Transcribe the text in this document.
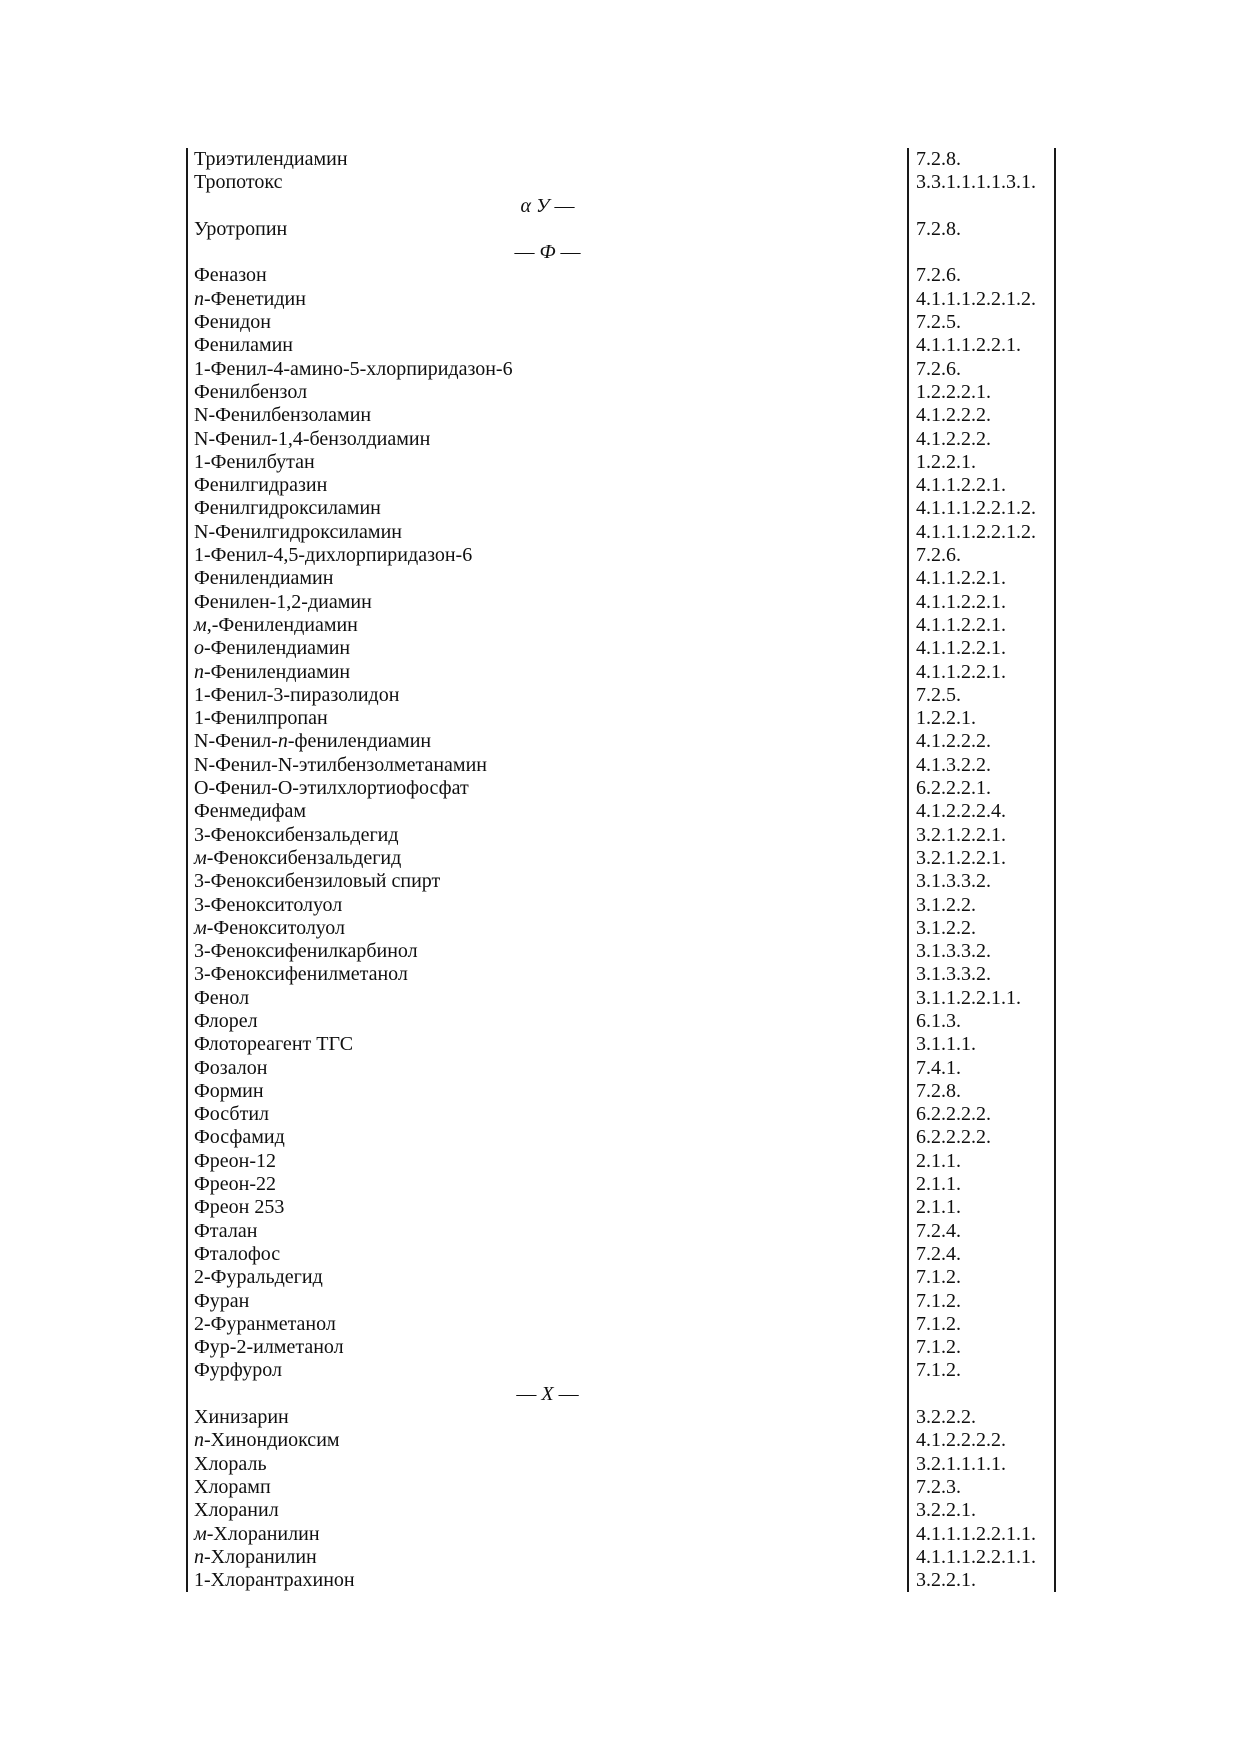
Триэтилендиамин	7.2.8.
Тропотокс	3.3.1.1.1.1.3.1.
α У —
Уротропин	7.2.8.
— Ф —
Феназон	7.2.6.
п-Фенетидин	4.1.1.1.2.2.1.2.
Фенидон	7.2.5.
Фениламин	4.1.1.1.2.2.1.
1-Фенил-4-амино-5-хлорпиридазон-6	7.2.6.
Фенилбензол	1.2.2.2.1.
N-Фенилбензоламин	4.1.2.2.2.
N-Фенил-1,4-бензолдиамин	4.1.2.2.2.
1-Фенилбутан	1.2.2.1.
Фенилгидразин	4.1.1.2.2.1.
Фенилгидроксиламин	4.1.1.1.2.2.1.2.
N-Фенилгидроксиламин	4.1.1.1.2.2.1.2.
1-Фенил-4,5-дихлорпиридазон-6	7.2.6.
Фенилендиамин	4.1.1.2.2.1.
Фенилен-1,2-диамин	4.1.1.2.2.1.
м,-Фенилендиамин	4.1.1.2.2.1.
о-Фенилендиамин	4.1.1.2.2.1.
п-Фенилендиамин	4.1.1.2.2.1.
1-Фенил-3-пиразолидон	7.2.5.
1-Фенилпропан	1.2.2.1.
N-Фенил-п-фенилендиамин	4.1.2.2.2.
N-Фенил-N-этилбензолметанамин	4.1.3.2.2.
О-Фенил-О-этилхлортиофосфат	6.2.2.2.1.
Фенмедифам	4.1.2.2.2.4.
3-Феноксибензальдегид	3.2.1.2.2.1.
м-Феноксибензальдегид	3.2.1.2.2.1.
3-Феноксибензиловый спирт	3.1.3.3.2.
3-Фенокситолуол	3.1.2.2.
м-Фенокситолуол	3.1.2.2.
3-Феноксифенилкарбинол	3.1.3.3.2.
3-Феноксифенилметанол	3.1.3.3.2.
Фенол	3.1.1.2.2.1.1.
Флорел	6.1.3.
Флотореагент ТГС	3.1.1.1.
Фозалон	7.4.1.
Формин	7.2.8.
Фосбтил	6.2.2.2.2.
Фосфамид	6.2.2.2.2.
Фреон-12	2.1.1.
Фреон-22	2.1.1.
Фреон 253	2.1.1.
Фталан	7.2.4.
Фталофос	7.2.4.
2-Фуральдегид	7.1.2.
Фуран	7.1.2.
2-Фуранметанол	7.1.2.
Фур-2-илметанол	7.1.2.
Фурфурол	7.1.2.
— Х —
Хинизарин	3.2.2.2.
п-Хинондиоксим	4.1.2.2.2.2.
Хлораль	3.2.1.1.1.1.
Хлорамп	7.2.3.
Хлоранил	3.2.2.1.
м-Хлоранилин	4.1.1.1.2.2.1.1.
п-Хлоранилин	4.1.1.1.2.2.1.1.
1-Хлорантрахинон	3.2.2.1.
